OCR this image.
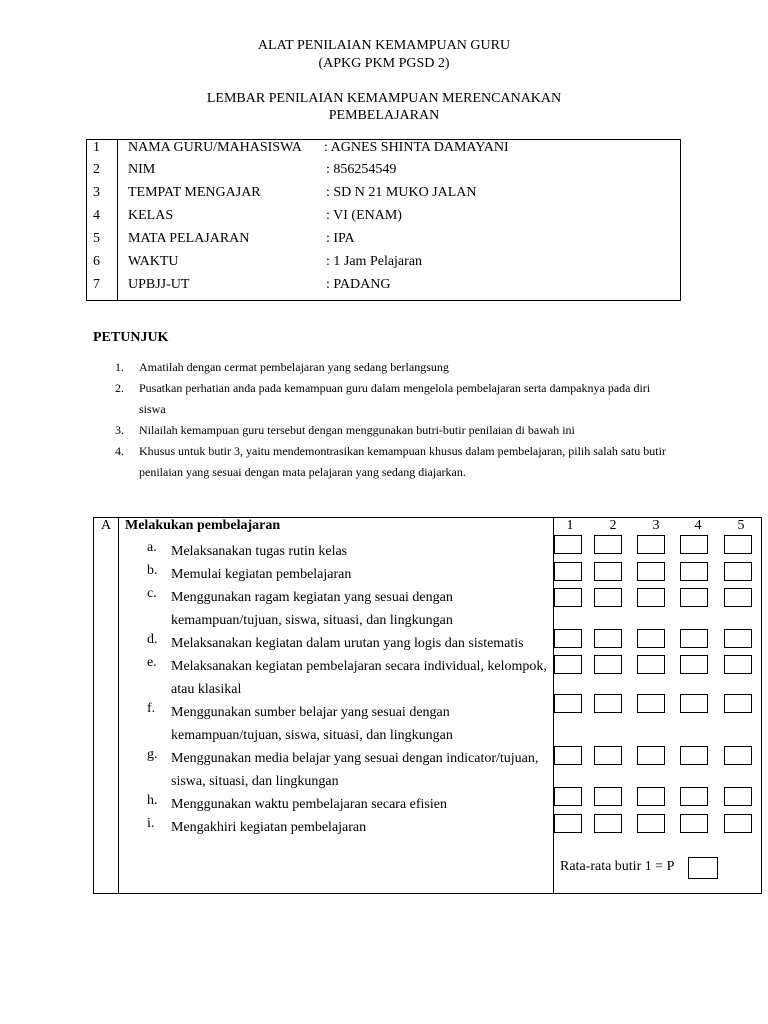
ALAT PENILAIAN KEMAMPUAN GURU
(APKG PKM PGSD 2)
LEMBAR PENILAIAN KEMAMPUAN MERENCANAKAN
PEMBELAJARAN
1 NAMA GURU/MAHASISWA : AGNES SHINTA DAMAYANI
2 NIM	: 856254549
3 TEMPAT MENGAJAR	: SD N 21 MUKO JALAN
4 KELAS	: VI (ENAM)
5 MATA PELAJARAN	: IPA
6 WAKTU	: 1 Jam Pelajaran
7 UPBJJ-UT	: PADANG
PETUNJUK
1. Amatilah dengan cermat pembelajaran yang sedang berlangsung
2. Pusatkan perhatian anda pada kemampuan guru dalam mengelola pembelajaran serta dampaknya pada diri siswa
3. Nilailah kemampuan guru tersebut dengan menggunakan butri-butir penilaian di bawah ini
4. Khusus untuk butir 3, yaitu mendemontrasikan kemampuan khusus dalam pembelajaran, pilih salah satu butir penilaian yang sesuai dengan mata pelajaran yang sedang diajarkan.
A Melakukan pembelajaran	1	2	3	4	5
a. Melaksanakan tugas rutin kelas
b. Memulai kegiatan pembelajaran
c. Menggunakan ragam kegiatan yang sesuai dengan kemampuan/tujuan, siswa, situasi, dan lingkungan
d. Melaksanakan kegiatan dalam urutan yang logis dan sistematis
e. Melaksanakan kegiatan pembelajaran secara individual, kelompok, atau klasikal
f. Menggunakan sumber belajar yang sesuai dengan kemampuan/tujuan, siswa, situasi, dan lingkungan
g. Menggunakan media belajar yang sesuai dengan indicator/tujuan, siswa, situasi, dan lingkungan
h. Menggunakan waktu pembelajaran secara efisien
i. Mengakhiri kegiatan pembelajaran
Rata-rata butir 1 = P
